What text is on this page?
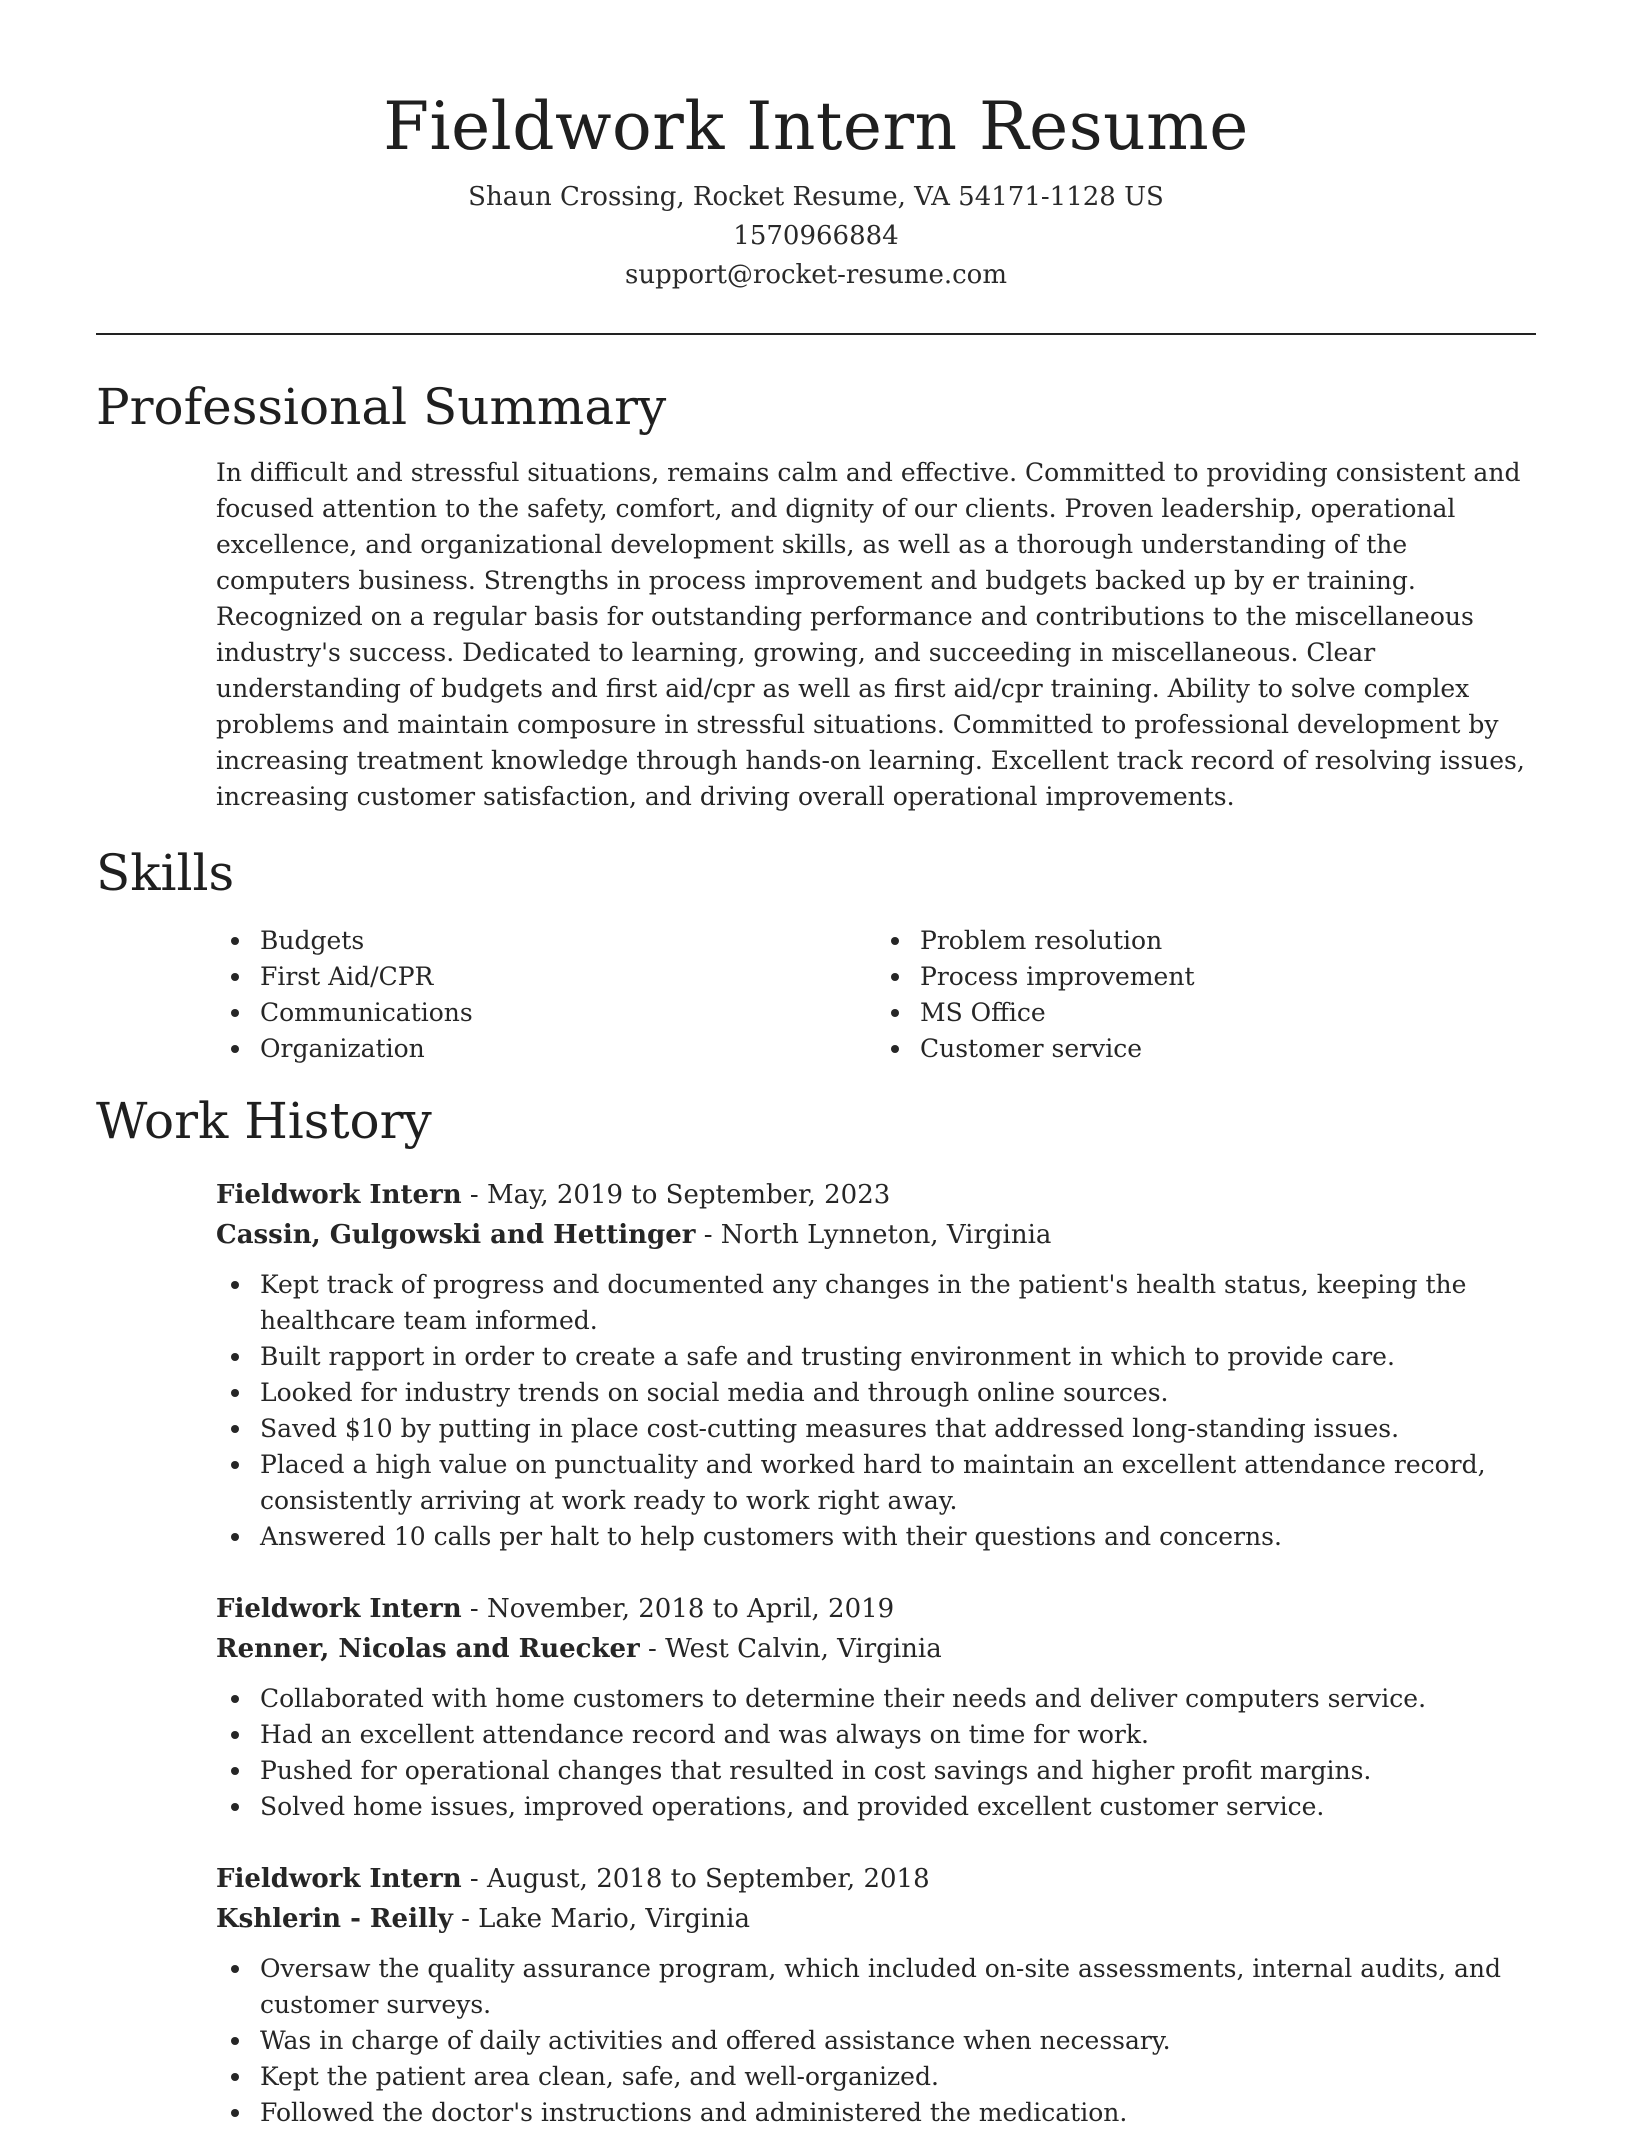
Fieldwork Intern Resume
Shaun Crossing, Rocket Resume, VA 54171-1128 US
1570966884
support@rocket-resume.com
Professional Summary
In difficult and stressful situations, remains calm and effective. Committed to providing consistent and focused attention to the safety, comfort, and dignity of our clients. Proven leadership, operational excellence, and organizational development skills, as well as a thorough understanding of the computers business. Strengths in process improvement and budgets backed up by er training. Recognized on a regular basis for outstanding performance and contributions to the miscellaneous industry's success. Dedicated to learning, growing, and succeeding in miscellaneous. Clear understanding of budgets and first aid/cpr as well as first aid/cpr training. Ability to solve complex problems and maintain composure in stressful situations. Committed to professional development by increasing treatment knowledge through hands-on learning. Excellent track record of resolving issues, increasing customer satisfaction, and driving overall operational improvements.
Skills
Budgets
First Aid/CPR
Communications
Organization
Problem resolution
Process improvement
MS Office
Customer service
Work History
Fieldwork Intern - May, 2019 to September, 2023
Cassin, Gulgowski and Hettinger - North Lynneton, Virginia
Kept track of progress and documented any changes in the patient's health status, keeping the healthcare team informed.
Built rapport in order to create a safe and trusting environment in which to provide care.
Looked for industry trends on social media and through online sources.
Saved $10 by putting in place cost-cutting measures that addressed long-standing issues.
Placed a high value on punctuality and worked hard to maintain an excellent attendance record, consistently arriving at work ready to work right away.
Answered 10 calls per halt to help customers with their questions and concerns.
Fieldwork Intern - November, 2018 to April, 2019
Renner, Nicolas and Ruecker - West Calvin, Virginia
Collaborated with home customers to determine their needs and deliver computers service.
Had an excellent attendance record and was always on time for work.
Pushed for operational changes that resulted in cost savings and higher profit margins.
Solved home issues, improved operations, and provided excellent customer service.
Fieldwork Intern - August, 2018 to September, 2018
Kshlerin - Reilly - Lake Mario, Virginia
Oversaw the quality assurance program, which included on-site assessments, internal audits, and customer surveys.
Was in charge of daily activities and offered assistance when necessary.
Kept the patient area clean, safe, and well-organized.
Followed the doctor's instructions and administered the medication.
